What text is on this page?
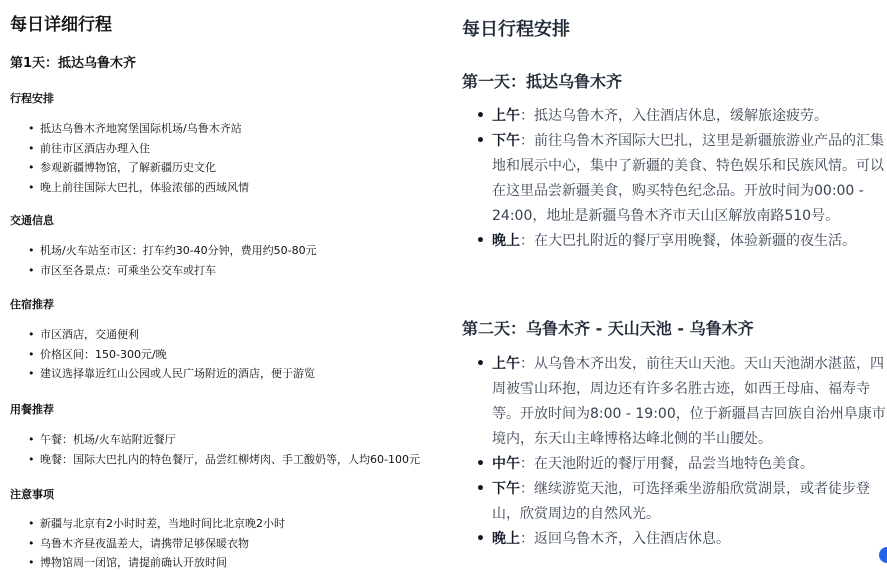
每日详细行程
第1天：抵达乌鲁木齐
行程安排
• 抵达乌鲁木齐地窝堡国际机场/乌鲁木齐站
• 前往市区酒店办理入住
• 参观新疆博物馆，了解新疆历史文化
• 晚上前往国际大巴扎，体验浓郁的西域风情
交通信息
• 机场/火车站至市区：打车约30-40分钟，费用约50-80元
• 市区至各景点：可乘坐公交车或打车
住宿推荐
• 市区酒店，交通便利
• 价格区间：150-300元/晚
• 建议选择靠近红山公园或人民广场附近的酒店，便于游览
用餐推荐
• 午餐：机场/火车站附近餐厅
• 晚餐：国际大巴扎内的特色餐厅，品尝红柳烤肉、手工酸奶等，人均60-100元
注意事项
• 新疆与北京有2小时时差，当地时间比北京晚2小时
• 乌鲁木齐昼夜温差大，请携带足够保暖衣物
• 博物馆周一闭馆，请提前确认开放时间
每日行程安排
第一天：抵达乌鲁木齐
• 上午：抵达乌鲁木齐，入住酒店休息，缓解旅途疲劳。
• 下午：前往乌鲁木齐国际大巴扎，这里是新疆旅游业产品的汇集地和展示中心，集中了新疆的美食、特色娱乐和民族风情。可以在这里品尝新疆美食，购买特色纪念品。开放时间为00:00 - 24:00，地址是新疆乌鲁木齐市天山区解放南路510号。
• 晚上：在大巴扎附近的餐厅享用晚餐，体验新疆的夜生活。
第二天：乌鲁木齐 - 天山天池 - 乌鲁木齐
• 上午：从乌鲁木齐出发，前往天山天池。天山天池湖水湛蓝，四周被雪山环抱，周边还有许多名胜古迹，如西王母庙、福寿寺等。开放时间为8:00 - 19:00，位于新疆昌吉回族自治州阜康市境内，东天山主峰博格达峰北侧的半山腰处。
• 中午：在天池附近的餐厅用餐，品尝当地特色美食。
• 下午：继续游览天池，可选择乘坐游船欣赏湖景，或者徒步登山，欣赏周边的自然风光。
• 晚上：返回乌鲁木齐，入住酒店休息。
